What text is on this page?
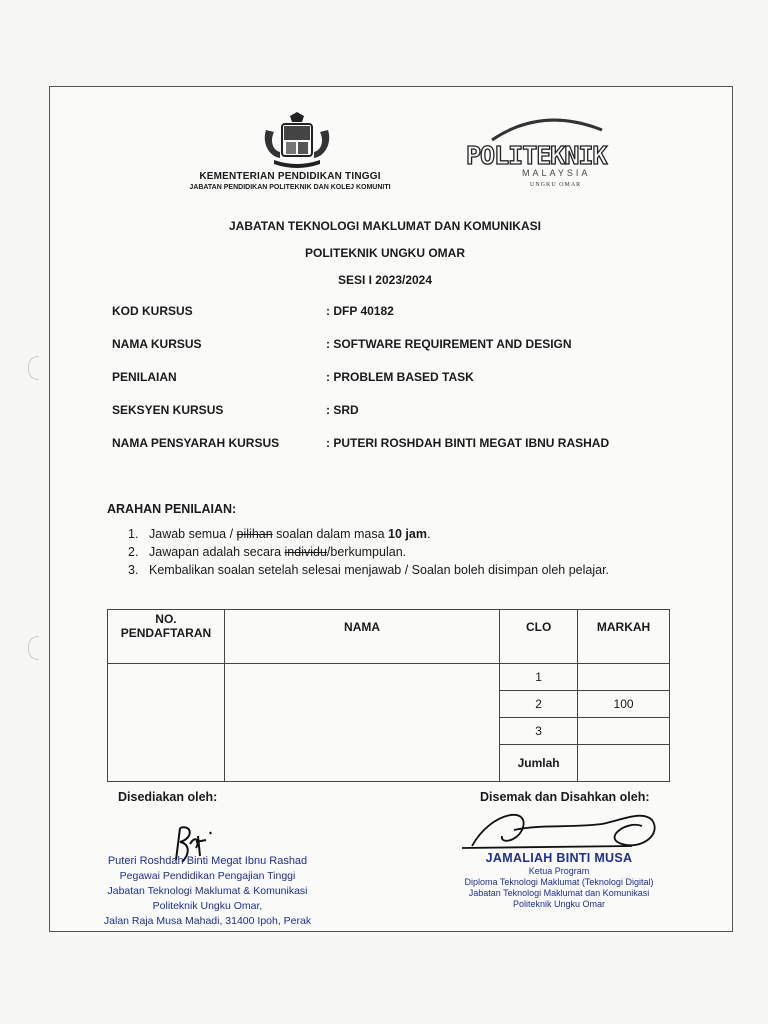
KEMENTERIAN PENDIDIKAN TINGGI
JABATAN PENDIDIKAN POLITEKNIK DAN KOLEJ KOMUNITI
POLITEKNIK
MALAYSIA
UNGKU OMAR
JABATAN TEKNOLOGI MAKLUMAT DAN KOMUNIKASI
POLITEKNIK UNGKU OMAR
SESI I 2023/2024
KOD KURSUS	: DFP 40182
NAMA KURSUS	: SOFTWARE REQUIREMENT AND DESIGN
PENILAIAN	: PROBLEM BASED TASK
SEKSYEN KURSUS	: SRD
NAMA PENSYARAH KURSUS	: PUTERI ROSHDAH BINTI MEGAT IBNU RASHAD
ARAHAN PENILAIAN:
1. Jawab semua / pilihan soalan dalam masa 10 jam.
2. Jawapan adalah secara individu/berkumpulan.
3. Kembalikan soalan setelah selesai menjawab / Soalan boleh disimpan oleh pelajar.
NO. PENDAFTARAN	NAMA	CLO	MARKAH
		1	
		2	100
		3	
		Jumlah	
Disediakan oleh:	Disemak dan Disahkan oleh:
Puteri Roshdah Binti Megat Ibnu Rashad
Pegawai Pendidikan Pengajian Tinggi
Jabatan Teknologi Maklumat & Komunikasi
Politeknik Ungku Omar,
Jalan Raja Musa Mahadi, 31400 Ipoh, Perak
JAMALIAH BINTI MUSA
Ketua Program
Diploma Teknologi Maklumat (Teknologi Digital)
Jabatan Teknologi Maklumat dan Komunikasi
Politeknik Ungku Omar
